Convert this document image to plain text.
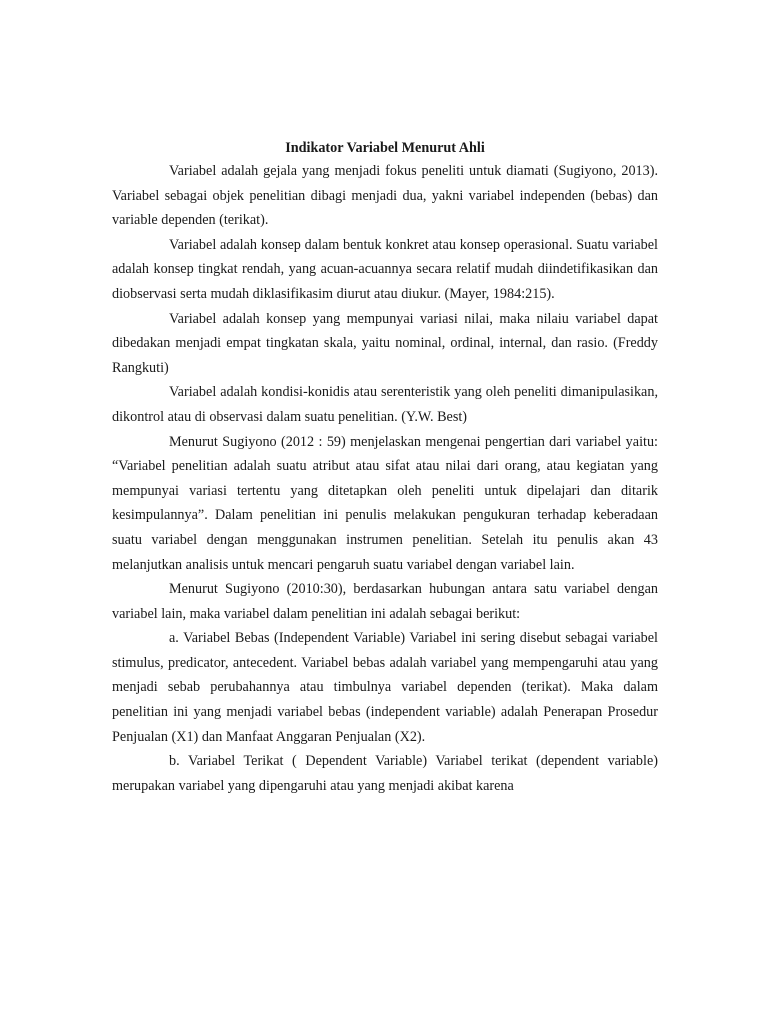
Indikator Variabel Menurut Ahli

Variabel adalah gejala yang menjadi fokus peneliti untuk diamati (Sugiyono, 2013). Variabel sebagai objek penelitian dibagi menjadi dua, yakni variabel independen (bebas) dan variable dependen (terikat).

Variabel adalah konsep dalam bentuk konkret atau konsep operasional. Suatu variabel adalah konsep tingkat rendah, yang acuan-acuannya secara relatif mudah diindetifikasikan dan diobservasi serta mudah diklasifikasim diurut atau diukur. (Mayer, 1984:215).

Variabel adalah konsep yang mempunyai variasi nilai, maka nilaiu variabel dapat dibedakan menjadi empat tingkatan skala, yaitu nominal, ordinal, internal, dan rasio. (Freddy Rangkuti)

Variabel adalah kondisi-konidis atau serenteristik yang oleh peneliti dimanipulasikan, dikontrol atau di observasi dalam suatu penelitian. (Y.W. Best)

Menurut Sugiyono (2012 : 59) menjelaskan mengenai pengertian dari variabel yaitu: “Variabel penelitian adalah suatu atribut atau sifat atau nilai dari orang, atau kegiatan yang mempunyai variasi tertentu yang ditetapkan oleh peneliti untuk dipelajari dan ditarik kesimpulannya”. Dalam penelitian ini penulis melakukan pengukuran terhadap keberadaan suatu variabel dengan menggunakan instrumen penelitian. Setelah itu penulis akan 43 melanjutkan analisis untuk mencari pengaruh suatu variabel dengan variabel lain.

Menurut Sugiyono (2010:30), berdasarkan hubungan antara satu variabel dengan variabel lain, maka variabel dalam penelitian ini adalah sebagai berikut:

a. Variabel Bebas (Independent Variable) Variabel ini sering disebut sebagai variabel stimulus, predicator, antecedent. Variabel bebas adalah variabel yang mempengaruhi atau yang menjadi sebab perubahannya atau timbulnya variabel dependen (terikat). Maka dalam penelitian ini yang menjadi variabel bebas (independent variable) adalah Penerapan Prosedur Penjualan (X1) dan Manfaat Anggaran Penjualan (X2).

b. Variabel Terikat ( Dependent Variable) Variabel terikat (dependent variable) merupakan variabel yang dipengaruhi atau yang menjadi akibat karena
